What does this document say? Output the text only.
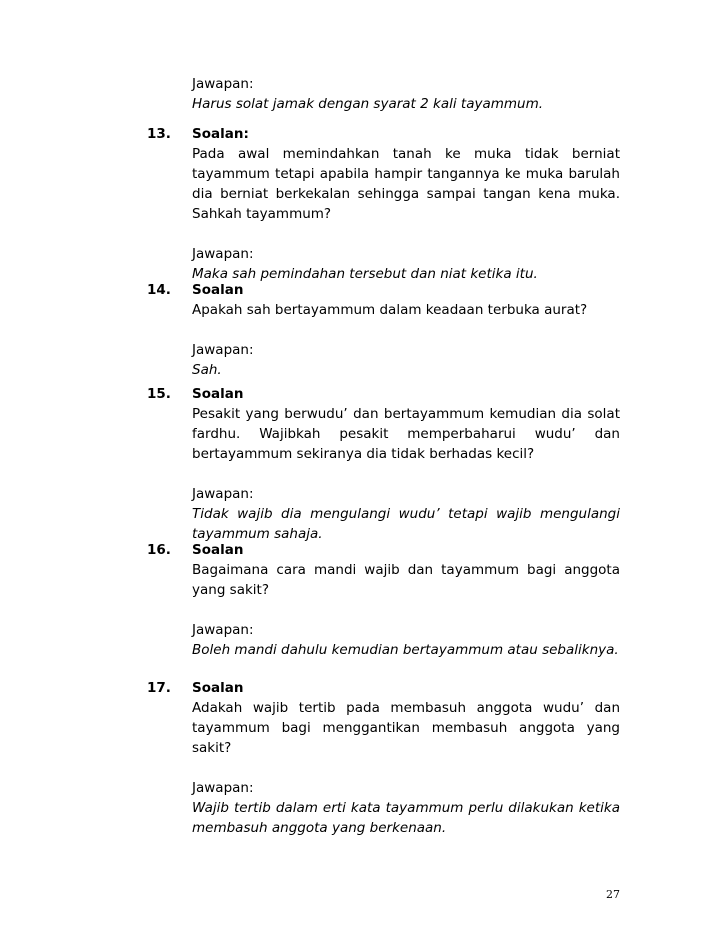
Jawapan:
Harus solat jamak dengan syarat 2 kali tayammum.
13. Soalan:
Pada awal memindahkan tanah ke muka tidak berniat tayammum tetapi apabila hampir tangannya ke muka barulah dia berniat berkekalan sehingga sampai tangan kena muka. Sahkah tayammum?
Jawapan:
Maka sah pemindahan tersebut dan niat ketika itu.
14. Soalan
Apakah sah bertayammum dalam keadaan terbuka aurat?
Jawapan:
Sah.
15. Soalan
Pesakit yang berwudu’ dan bertayammum kemudian dia solat fardhu. Wajibkah pesakit memperbaharui wudu’ dan bertayammum sekiranya dia tidak berhadas kecil?
Jawapan:
Tidak wajib dia mengulangi wudu’ tetapi wajib mengulangi tayammum sahaja.
16. Soalan
Bagaimana cara mandi wajib dan tayammum bagi anggota yang sakit?
Jawapan:
Boleh mandi dahulu kemudian bertayammum atau sebaliknya.
17. Soalan
Adakah wajib tertib pada membasuh anggota wudu’ dan tayammum bagi menggantikan membasuh anggota yang sakit?
Jawapan:
Wajib tertib dalam erti kata tayammum perlu dilakukan ketika membasuh anggota yang berkenaan.
27
